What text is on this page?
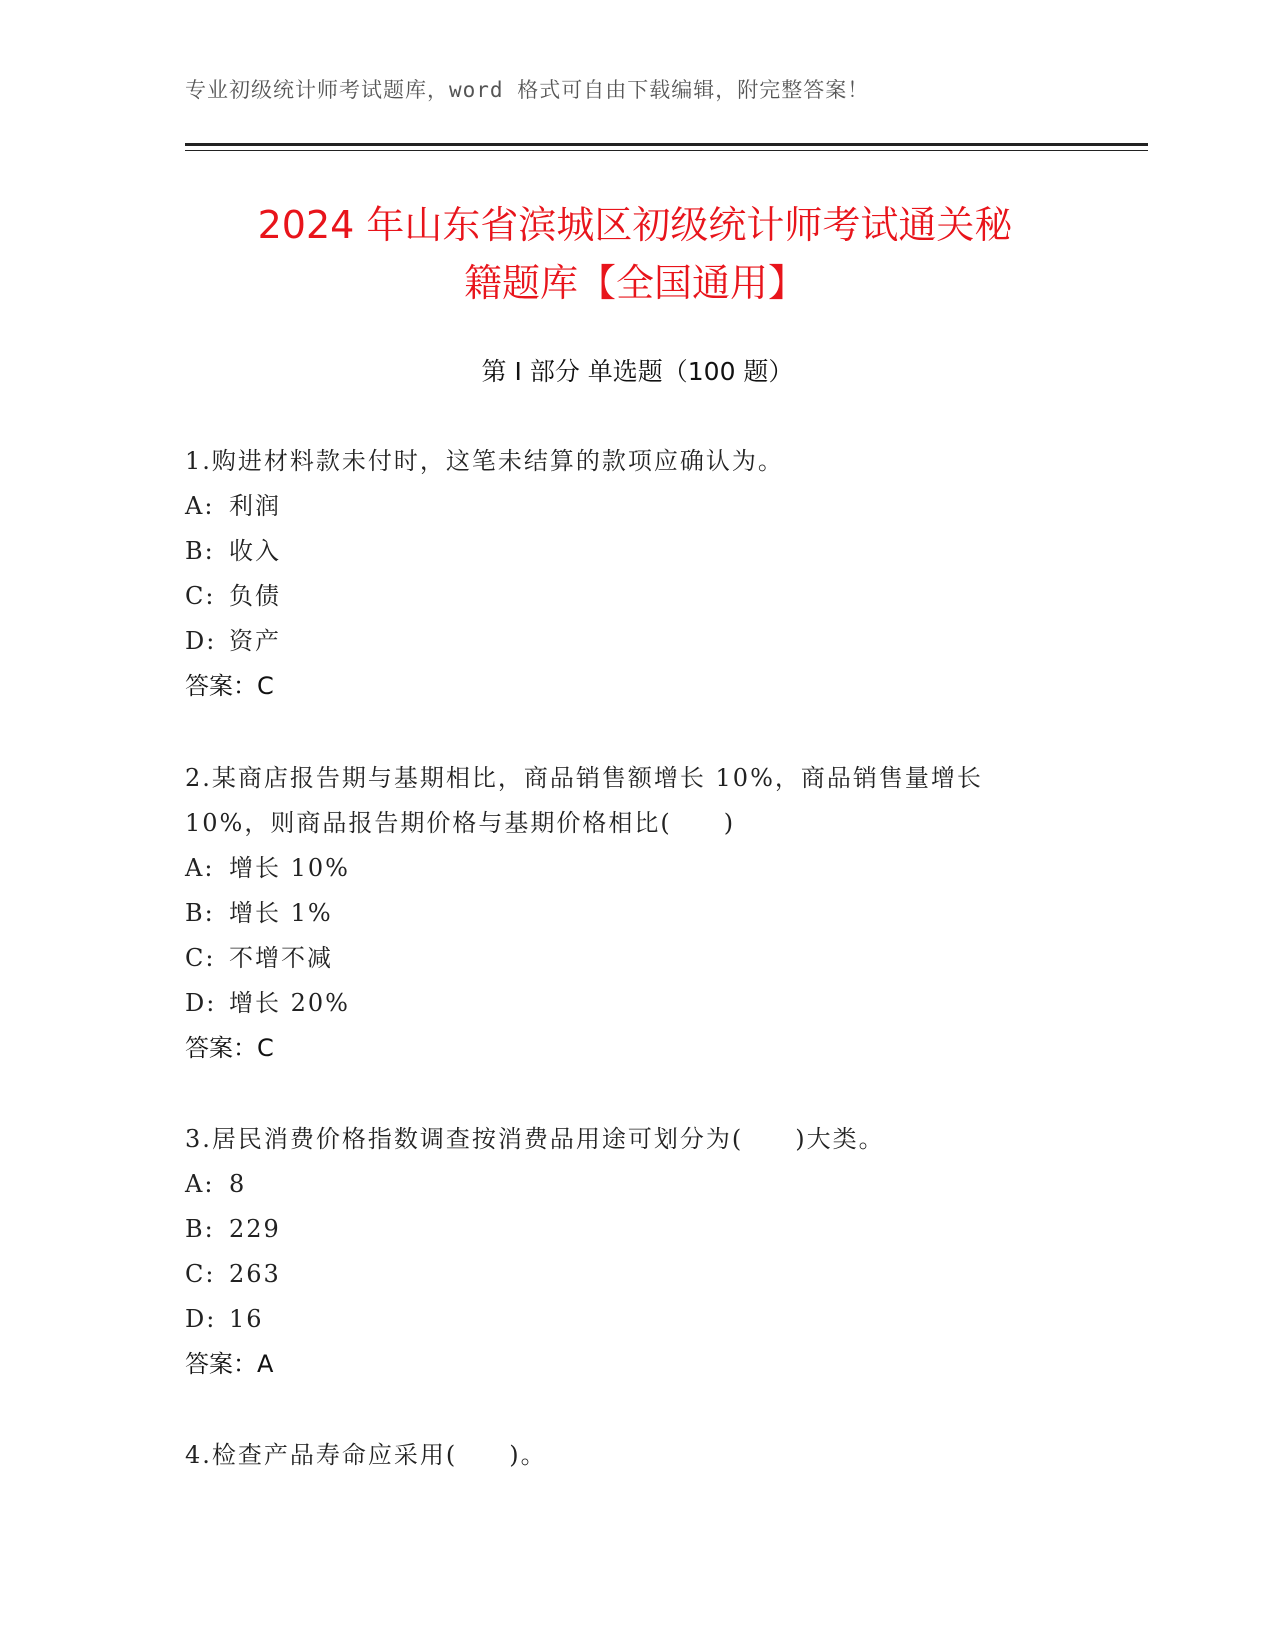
专业初级统计师考试题库，word 格式可自由下载编辑，附完整答案！
2024 年山东省滨城区初级统计师考试通关秘
籍题库【全国通用】
第 I 部分 单选题（100 题）

1.购进材料款未付时，这笔未结算的款项应确认为。

A: 利润
B: 收入
C: 负债
D: 资产
答案：C

2.某商店报告期与基期相比，商品销售额增长 10%，商品销售量增长 10%，则商品报告期价格与基期价格相比(　　)

A: 增长 10%
B: 增长 1%
C: 不增不减
D: 增长 20%
答案：C

3.居民消费价格指数调查按消费品用途可划分为(　　)大类。

A: 8
B: 229
C: 263
D: 16
答案：A

4.检查产品寿命应采用(　　)。
